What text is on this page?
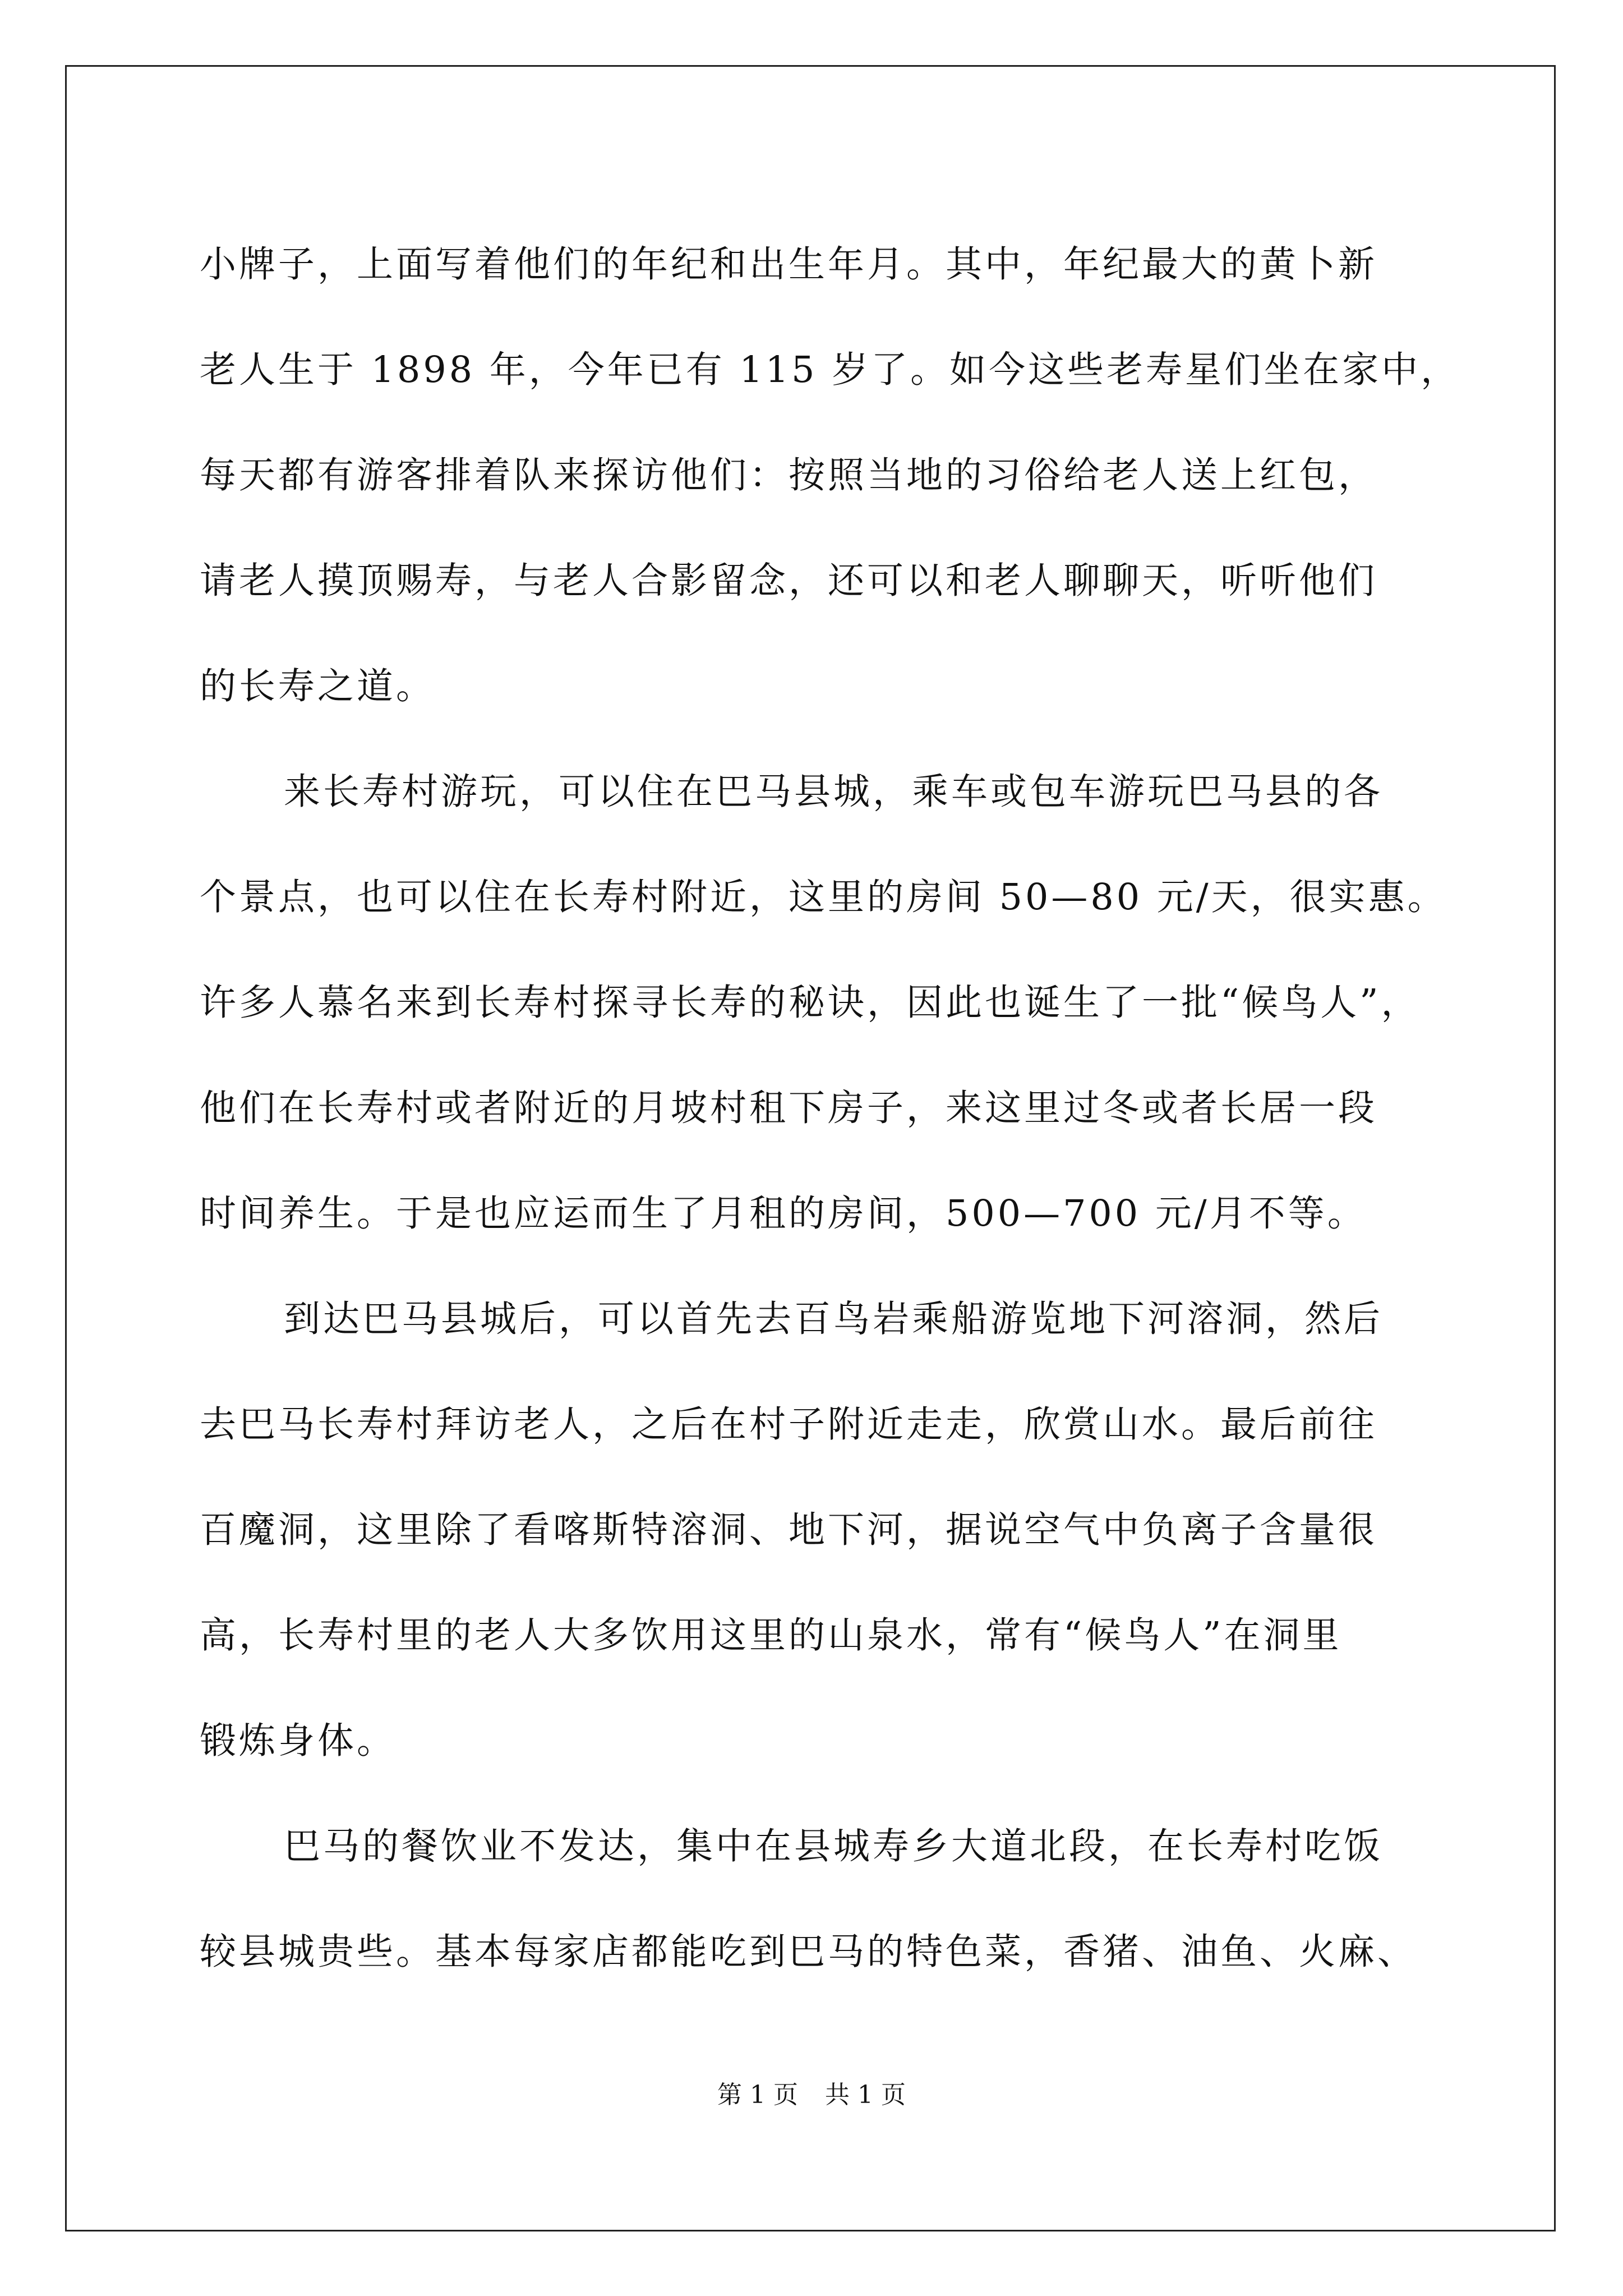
小牌子，上面写着他们的年纪和出生年月。其中，年纪最大的黄卜新
老人生于 1898 年，今年已有 115 岁了。如今这些老寿星们坐在家中，
每天都有游客排着队来探访他们：按照当地的习俗给老人送上红包，
请老人摸顶赐寿，与老人合影留念，还可以和老人聊聊天，听听他们
的长寿之道。
来长寿村游玩，可以住在巴马县城，乘车或包车游玩巴马县的各
个景点，也可以住在长寿村附近，这里的房间 50—80 元/天，很实惠。
许多人慕名来到长寿村探寻长寿的秘诀，因此也诞生了一批“候鸟人”，
他们在长寿村或者附近的月坡村租下房子，来这里过冬或者长居一段
时间养生。于是也应运而生了月租的房间，500—700 元/月不等。
到达巴马县城后，可以首先去百鸟岩乘船游览地下河溶洞，然后
去巴马长寿村拜访老人，之后在村子附近走走，欣赏山水。最后前往
百魔洞，这里除了看喀斯特溶洞、地下河，据说空气中负离子含量很
高，长寿村里的老人大多饮用这里的山泉水，常有“候鸟人”在洞里
锻炼身体。
巴马的餐饮业不发达，集中在县城寿乡大道北段，在长寿村吃饭
较县城贵些。基本每家店都能吃到巴马的特色菜，香猪、油鱼、火麻、
第 1 页 共 1 页
